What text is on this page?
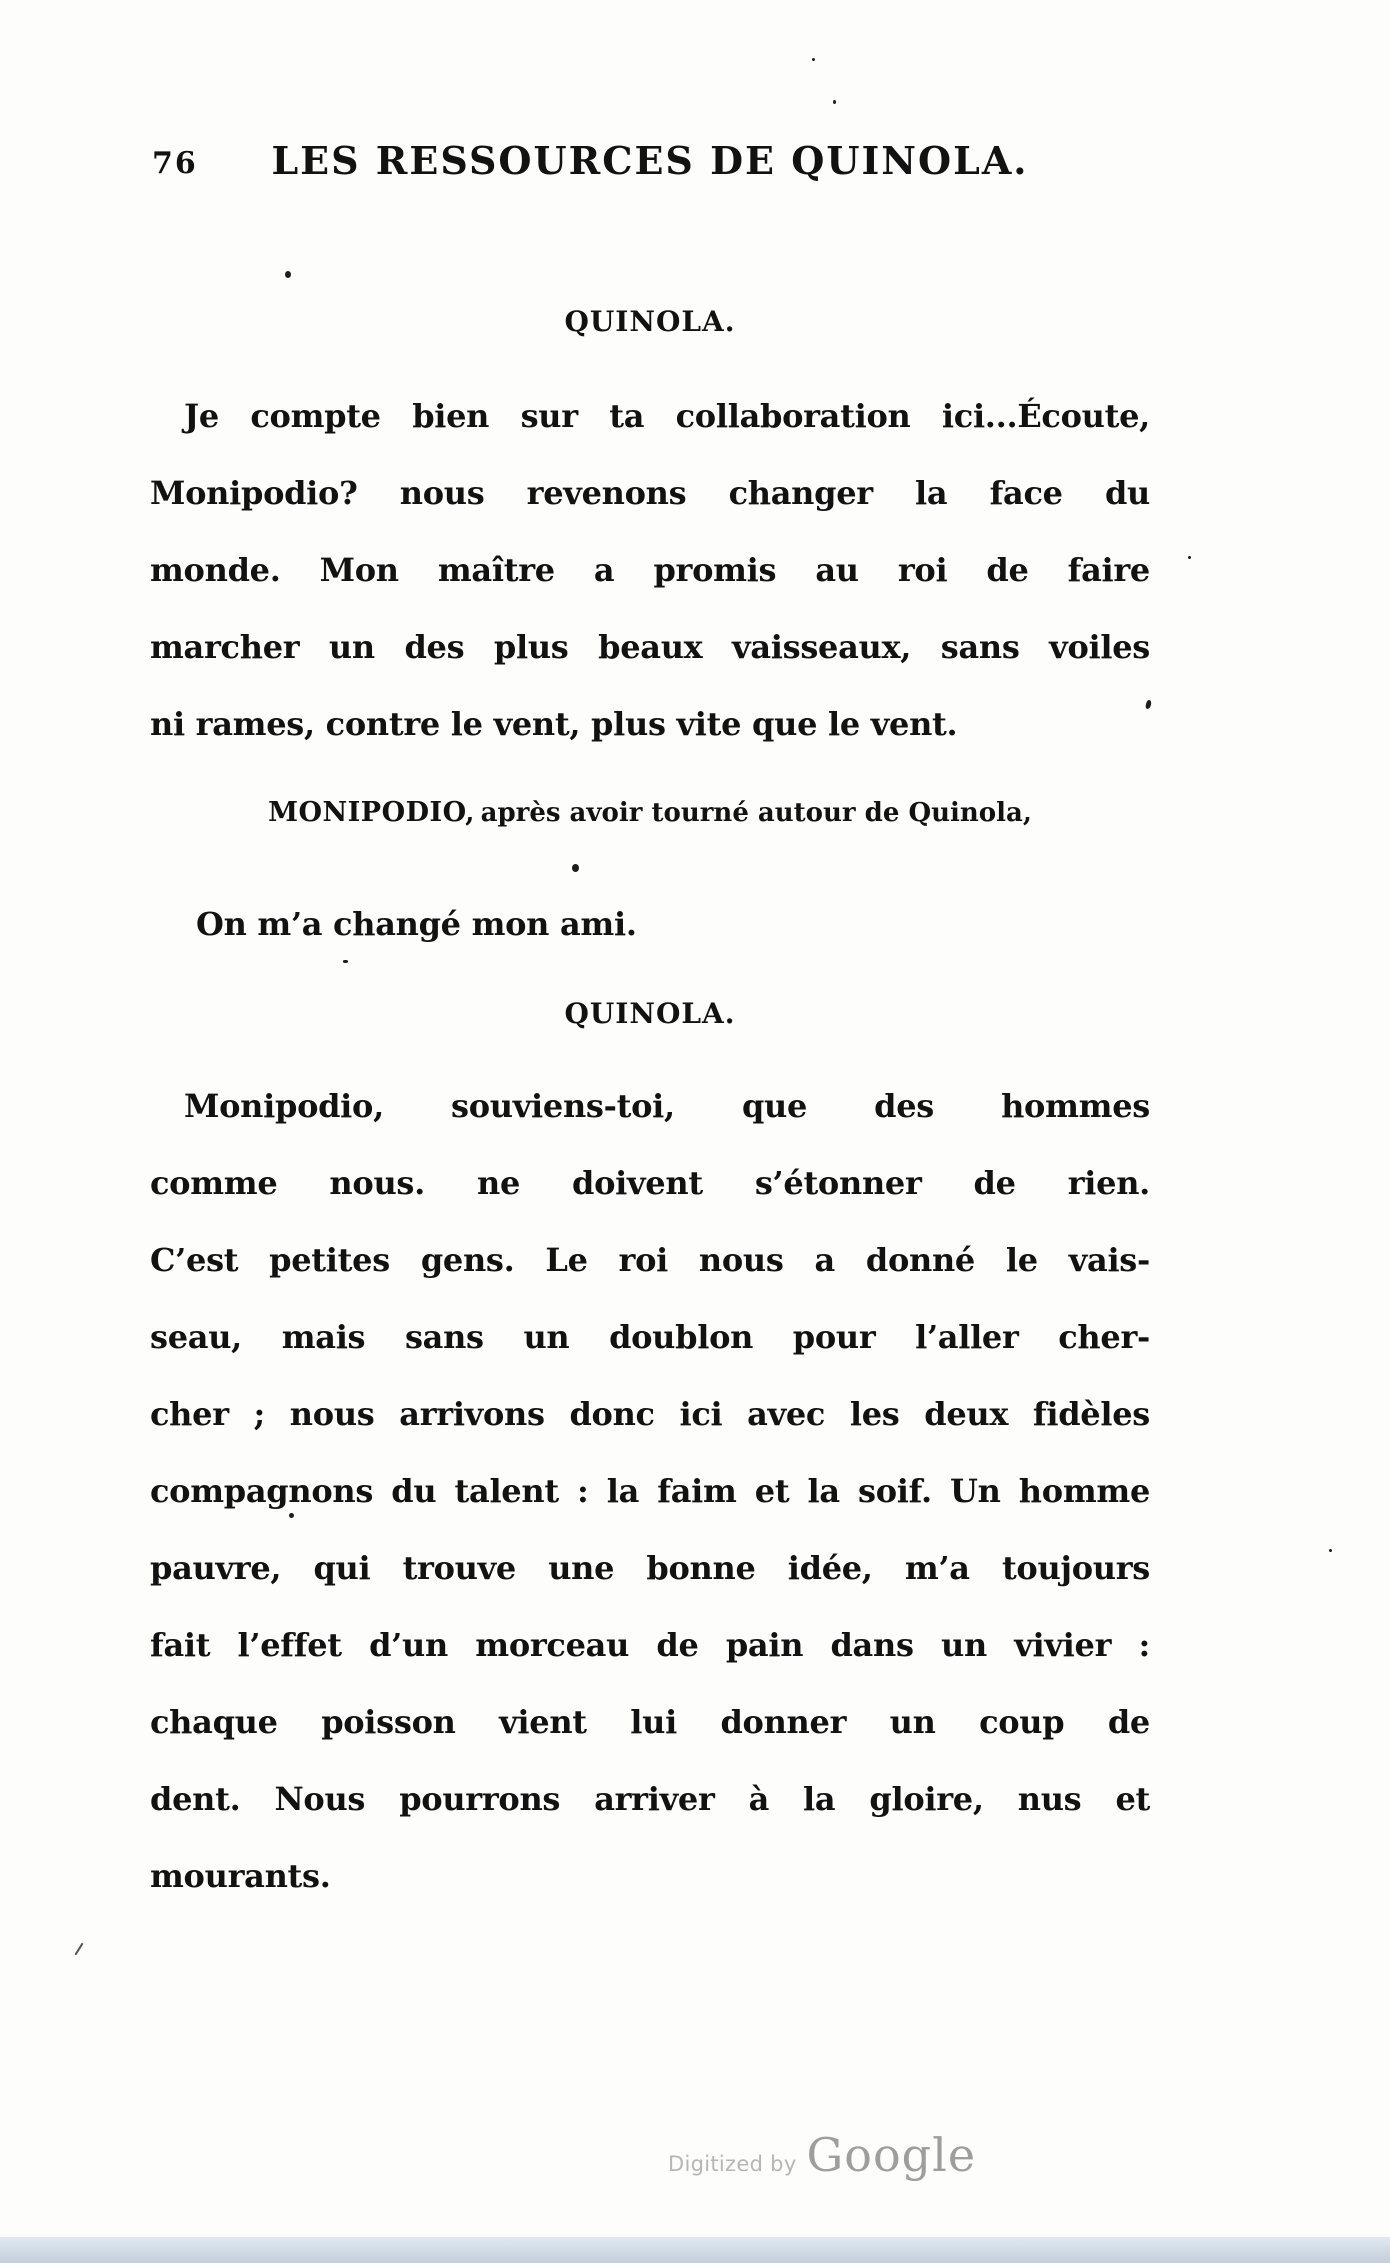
76	LES RESSOURCES DE QUINOLA.
QUINOLA.
Je compte bien sur ta collaboration ici...Écoute,
Monipodio? nous revenons changer la face du
monde. Mon maître a promis au roi de faire
marcher un des plus beaux vaisseaux, sans voiles
ni rames, contre le vent, plus vite que le vent.
MONIPODIO, après avoir tourné autour de Quinola,
On m’a changé mon ami.
QUINOLA.
Monipodio, souviens-toi, que des hommes
comme nous. ne doivent s’étonner de rien.
C’est petites gens. Le roi nous a donné le vais-
seau, mais sans un doublon pour l’aller cher-
cher ; nous arrivons donc ici avec les deux fidèles
compagnons du talent : la faim et la soif. Un homme
pauvre, qui trouve une bonne idée, m’a toujours
fait l’effet d’un morceau de pain dans un vivier :
chaque poisson vient lui donner un coup de
dent. Nous pourrons arriver à la gloire, nus et
mourants.
Digitized by Google
